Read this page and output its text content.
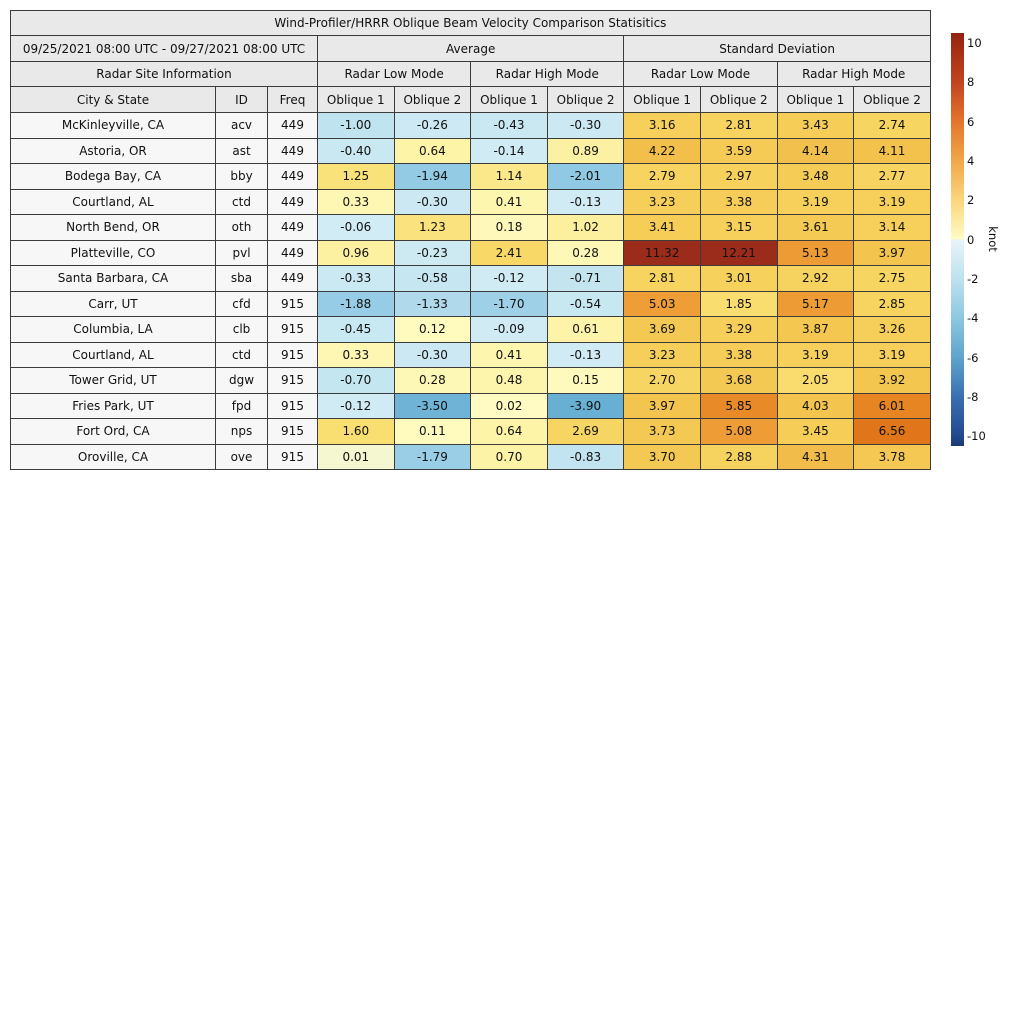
Wind-Profiler/HRRR Oblique Beam Velocity Comparison Statisitics										
09/25/2021 08:00 UTC - 09/27/2021 08:00 UTC			Average				Standard Deviation			
Radar Site Information			Radar Low Mode		Radar High Mode		Radar Low Mode		Radar High Mode	
City & State	ID	Freq	Oblique 1	Oblique 2	Oblique 1	Oblique 2	Oblique 1	Oblique 2	Oblique 1	Oblique 2
McKinleyville, CA	acv	449	-1.00	-0.26	-0.43	-0.30	3.16	2.81	3.43	2.74
Astoria, OR	ast	449	-0.40	0.64	-0.14	0.89	4.22	3.59	4.14	4.11
Bodega Bay, CA	bby	449	1.25	-1.94	1.14	-2.01	2.79	2.97	3.48	2.77
Courtland, AL	ctd	449	0.33	-0.30	0.41	-0.13	3.23	3.38	3.19	3.19
North Bend, OR	oth	449	-0.06	1.23	0.18	1.02	3.41	3.15	3.61	3.14
Platteville, CO	pvl	449	0.96	-0.23	2.41	0.28	11.32	12.21	5.13	3.97
Santa Barbara, CA	sba	449	-0.33	-0.58	-0.12	-0.71	2.81	3.01	2.92	2.75
Carr, UT	cfd	915	-1.88	-1.33	-1.70	-0.54	5.03	1.85	5.17	2.85
Columbia, LA	clb	915	-0.45	0.12	-0.09	0.61	3.69	3.29	3.87	3.26
Courtland, AL	ctd	915	0.33	-0.30	0.41	-0.13	3.23	3.38	3.19	3.19
Tower Grid, UT	dgw	915	-0.70	0.28	0.48	0.15	2.70	3.68	2.05	3.92
Fries Park, UT	fpd	915	-0.12	-3.50	0.02	-3.90	3.97	5.85	4.03	6.01
Fort Ord, CA	nps	915	1.60	0.11	0.64	2.69	3.73	5.08	3.45	6.56
Oroville, CA	ove	915	0.01	-1.79	0.70	-0.83	3.70	2.88	4.31	3.78
10
8
6
4
2
0
-2
-4
-6
-8
-10
knot
